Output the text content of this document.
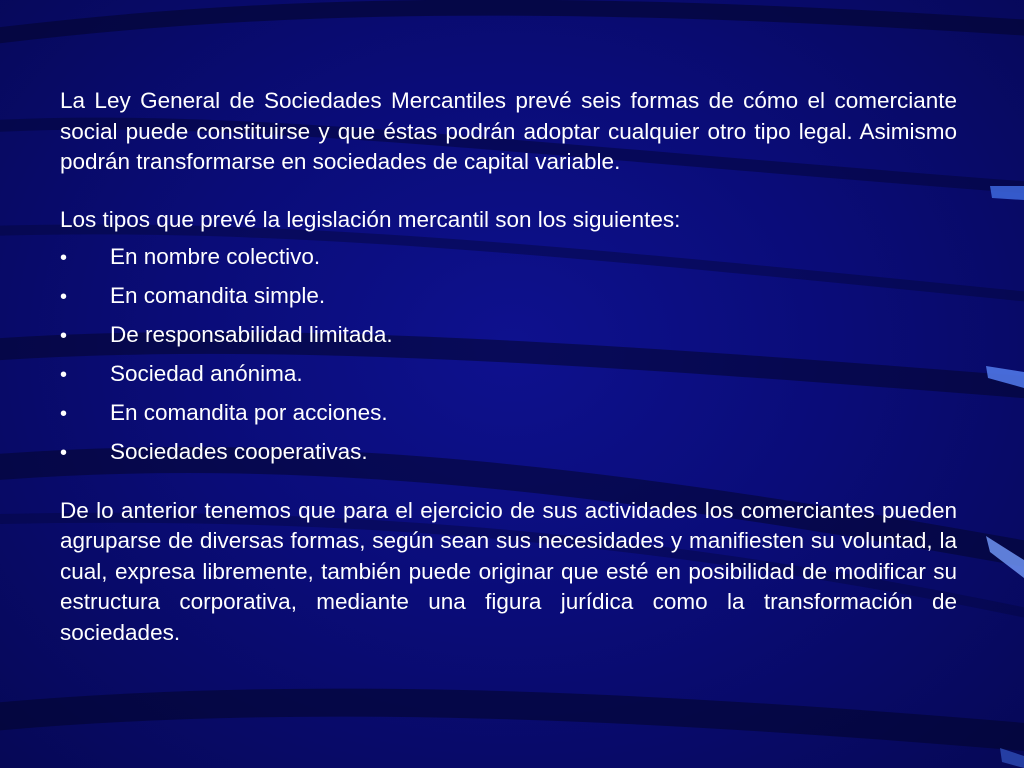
La Ley General de Sociedades Mercantiles prevé seis formas de cómo el comerciante social puede constituirse y que éstas podrán adoptar cualquier otro tipo legal. Asimismo podrán transformarse en sociedades de capital variable.

Los tipos que prevé la legislación mercantil son los siguientes:

•	En nombre colectivo.
•	En comandita simple.
•	De responsabilidad limitada.
•	Sociedad anónima.
•	En comandita por acciones.
•	Sociedades cooperativas.

De lo anterior tenemos que para el ejercicio de sus actividades los comerciantes pueden agruparse de diversas formas, según sean sus necesidades y manifiesten su voluntad, la cual, expresa libremente, también puede originar que esté en posibilidad de modificar su estructura corporativa, mediante una figura jurídica como la transformación de sociedades.
